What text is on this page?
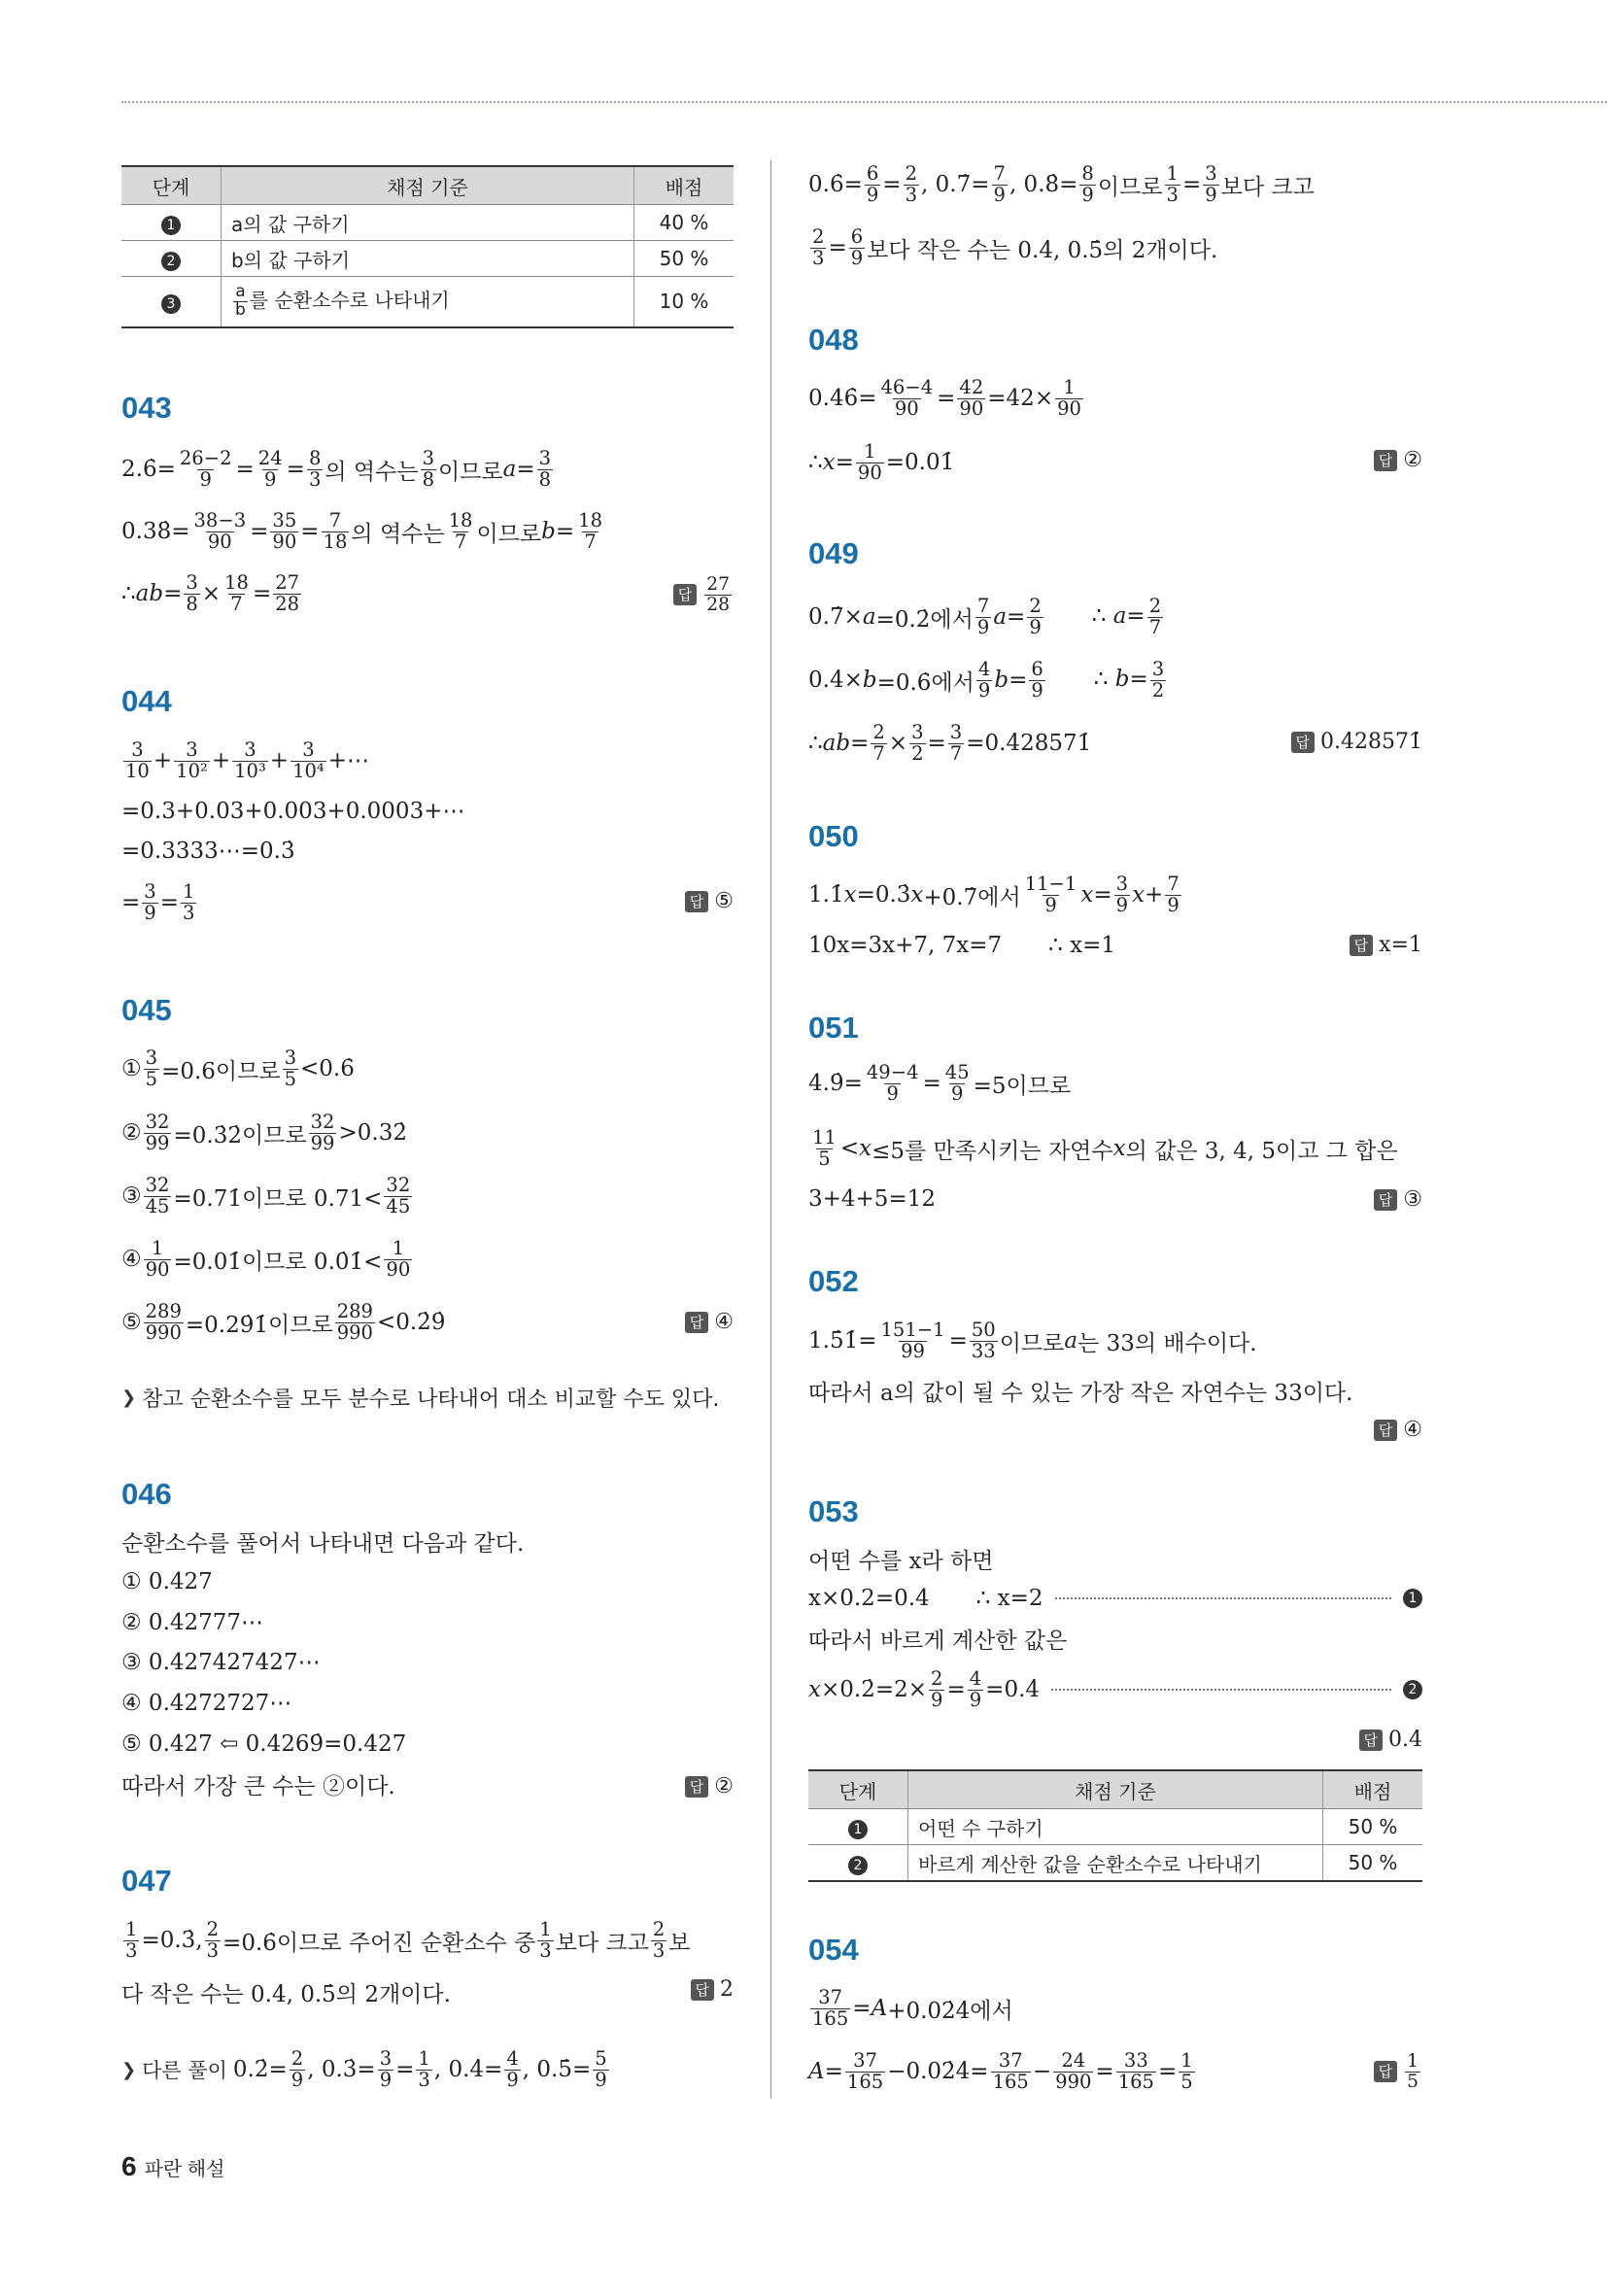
단계	채점 기준	배점
1	a의 값 구하기	40 %
2	b의 값 구하기	50 %
3	$\frac{a}{b}$ 를 순환소수로 나타내기	10 %
043
2.6̇= 26−2
9 = 24
9 = 8
3 의 역수는
3
8 이므로 a = 3
8
0.38̇= 38−3
90 = 35
90 = 7
18 의 역수는
18
7 이므로 b = 18
7
∴ ab = 3
8 × 18
7 = 27
28	답
27
28
044
3
10 + 3
10² + 3
10³ + 3
10⁴ +⋯
=0.3+0.03+0.003+0.0003+⋯
=0.3333⋯=0.3̇
= 3
9 = 1
3	답 ⑤
045
① 3
5 =0.6이므로
3
5 <0.6̇
② 32
99 =0.3̇2̇이므로
32
99 >0.32̇
③ 32
45 =0.71̇이므로 0.71<
32
45
④ 1
90 =0.01̇이므로 0.0̇1̇<
1
90
⑤ 289
990 =0.29̇1̇이므로
289
990 <0.2̇9̇	답 ④
❯ 참고 순환소수를 모두 분수로 나타내어 대소 비교할 수도 있다.
046
순환소수를 풀어서 나타내면 다음과 같다.
① 0.427
② 0.42777⋯
③ 0.427427427⋯
④ 0.4272727⋯
⑤ 0.427 ⇦ 0.4269̇=0.427
따라서 가장 큰 수는 ②이다.	답 ②
047
1
3 =0.3̇, 2
3 =0.6̇이므로 주어진 순환소수 중
1
3 보다 크고
2
3 보
다 작은 수는 0.4̇, 0.5̇의 2개이다.	답 2
❯ 다른 풀이 0.2̇= 2
9 , 0.3̇= 3
9 = 1
3 , 0.4̇= 4
9 , 0.5̇= 5
9
0.6̇= 6
9 = 2
3 , 0.7̇= 7
9 , 0.8̇= 8
9 이므로
1
3 = 3
9 보다 크고
2
3 = 6
9 보다 작은 수는 0.4̇, 0.5̇의 2개이다.
048
0.46̇= 46−4
90 = 42
90 =42× 1
90
∴ x = 1
90 =0.01̇	답 ②
049
0.7̇× a =0.2̇에서
7
9 a = 2
9 ∴ $a= \frac{2}{7}$
0.4̇× b =0.6̇에서
4
9 b = 6
9 ∴ $b= \frac{3}{2}$
∴ ab = 2
7 × 3
2 = 3
7 =0.4̇28571̇	답 0.4̇28571̇
050
1.1̇ x =0.3̇ x +0.7̇에서
11−1
9 x = 3
9 x + 7
9
10x=3x+7, 7x=7 ∴ x=1	답 x=1
051
4.9̇= 49−4
9 = 45
9 =5이므로
11
5 < x ≤5를 만족시키는 자연수 x 의 값은 3, 4, 5이고 그 합은
3+4+5=12	답 ③
052
1.5̇1̇= 151−1
99 = 50
33 이므로 a 는 33의 배수이다.
따라서 a의 값이 될 수 있는 가장 작은 자연수는 33이다.
답 ④
053
어떤 수를 x라 하면
x×0.2=0.4 ∴ x=2	1
따라서 바르게 계산한 값은
x ×0.2̇=2× 2
9 = 4
9 =0.4̇	2
답 0.4̇
단계	채점 기준	배점
1	어떤 수 구하기	50 %
2	바르게 계산한 값을 순환소수로 나타내기	50 %
054
37
165 = A +0.02̇4̇에서
A = 37
165 −0.02̇4̇= 37
165 − 24
990 = 33
165 = 1
5	답
1
5
6 파란 해설
